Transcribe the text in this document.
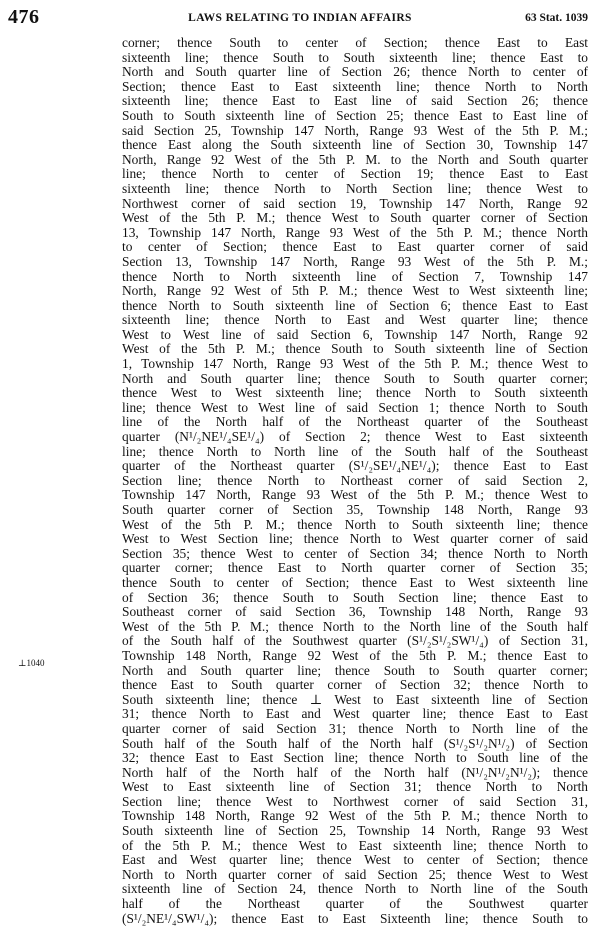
476	LAWS RELATING TO INDIAN AFFAIRS	63 Stat. 1039
⊥1040
corner; thence South to center of Section; thence East to East
sixteenth line; thence South to South sixteenth line; thence East to
North and South quarter line of Section 26; thence North to center of
Section; thence East to East sixteenth line; thence North to North
sixteenth line; thence East to East line of said Section 26; thence
South to South sixteenth line of Section 25; thence East to East line of
said Section 25, Township 147 North, Range 93 West of the 5th P. M.;
thence East along the South sixteenth line of Section 30, Township 147
North, Range 92 West of the 5th P. M. to the North and South quarter
line; thence North to center of Section 19; thence East to East
sixteenth line; thence North to North Section line; thence West to
Northwest corner of said section 19, Township 147 North, Range 92
West of the 5th P. M.; thence West to South quarter corner of Section
13, Township 147 North, Range 93 West of the 5th P. M.; thence North
to center of Section; thence East to East quarter corner of said
Section 13, Township 147 North, Range 93 West of the 5th P. M.;
thence North to North sixteenth line of Section 7, Township 147
North, Range 92 West of 5th P. M.; thence West to West sixteenth line;
thence North to South sixteenth line of Section 6; thence East to East
sixteenth line; thence North to East and West quarter line; thence
West to West line of said Section 6, Township 147 North, Range 92
West of the 5th P. M.; thence South to South sixteenth line of Section
1, Township 147 North, Range 93 West of the 5th P. M.; thence West to
North and South quarter line; thence South to South quarter corner;
thence West to West sixteenth line; thence North to South sixteenth
line; thence West to West line of said Section 1; thence North to South
line of the North half of the Northeast quarter of the Southeast
quarter (N¹/₂NE¹/₄SE¹/₄) of Section 2; thence West to East sixteenth
line; thence North to North line of the South half of the Southeast
quarter of the Northeast quarter (S¹/₂SE¹/₄NE¹/₄); thence East to East
Section line; thence North to Northeast corner of said Section 2,
Township 147 North, Range 93 West of the 5th P. M.; thence West to
South quarter corner of Section 35, Township 148 North, Range 93
West of the 5th P. M.; thence North to South sixteenth line; thence
West to West Section line; thence North to West quarter corner of said
Section 35; thence West to center of Section 34; thence North to North
quarter corner; thence East to North quarter corner of Section 35;
thence South to center of Section; thence East to West sixteenth line
of Section 36; thence South to South Section line; thence East to
Southeast corner of said Section 36, Township 148 North, Range 93
West of the 5th P. M.; thence North to the North line of the South half
of the South half of the Southwest quarter (S¹/₂S¹/₂SW¹/₄) of Section 31,
Township 148 North, Range 92 West of the 5th P. M.; thence East to
North and South quarter line; thence South to South quarter corner;
thence East to South quarter corner of Section 32; thence North to
South sixteenth line; thence ⊥ West to East sixteenth line of Section
31; thence North to East and West quarter line; thence East to East
quarter corner of said Section 31; thence North to North line of the
South half of the South half of the North half (S¹/₂S¹/₂N¹/₂) of Section
32; thence East to East Section line; thence North to South line of the
North half of the North half of the North half (N¹/₂N¹/₂N¹/₂); thence
West to East sixteenth line of Section 31; thence North to North
Section line; thence West to Northwest corner of said Section 31,
Township 148 North, Range 92 West of the 5th P. M.; thence North to
South sixteenth line of Section 25, Township 14 North, Range 93 West
of the 5th P. M.; thence West to East sixteenth line; thence North to
East and West quarter line; thence West to center of Section; thence
North to North quarter corner of said Section 25; thence West to West
sixteenth line of Section 24, thence North to North line of the South
half of the Northeast quarter of the Southwest quarter
(S¹/₂NE¹/₄SW¹/₄); thence East to East Sixteenth line; thence South to
